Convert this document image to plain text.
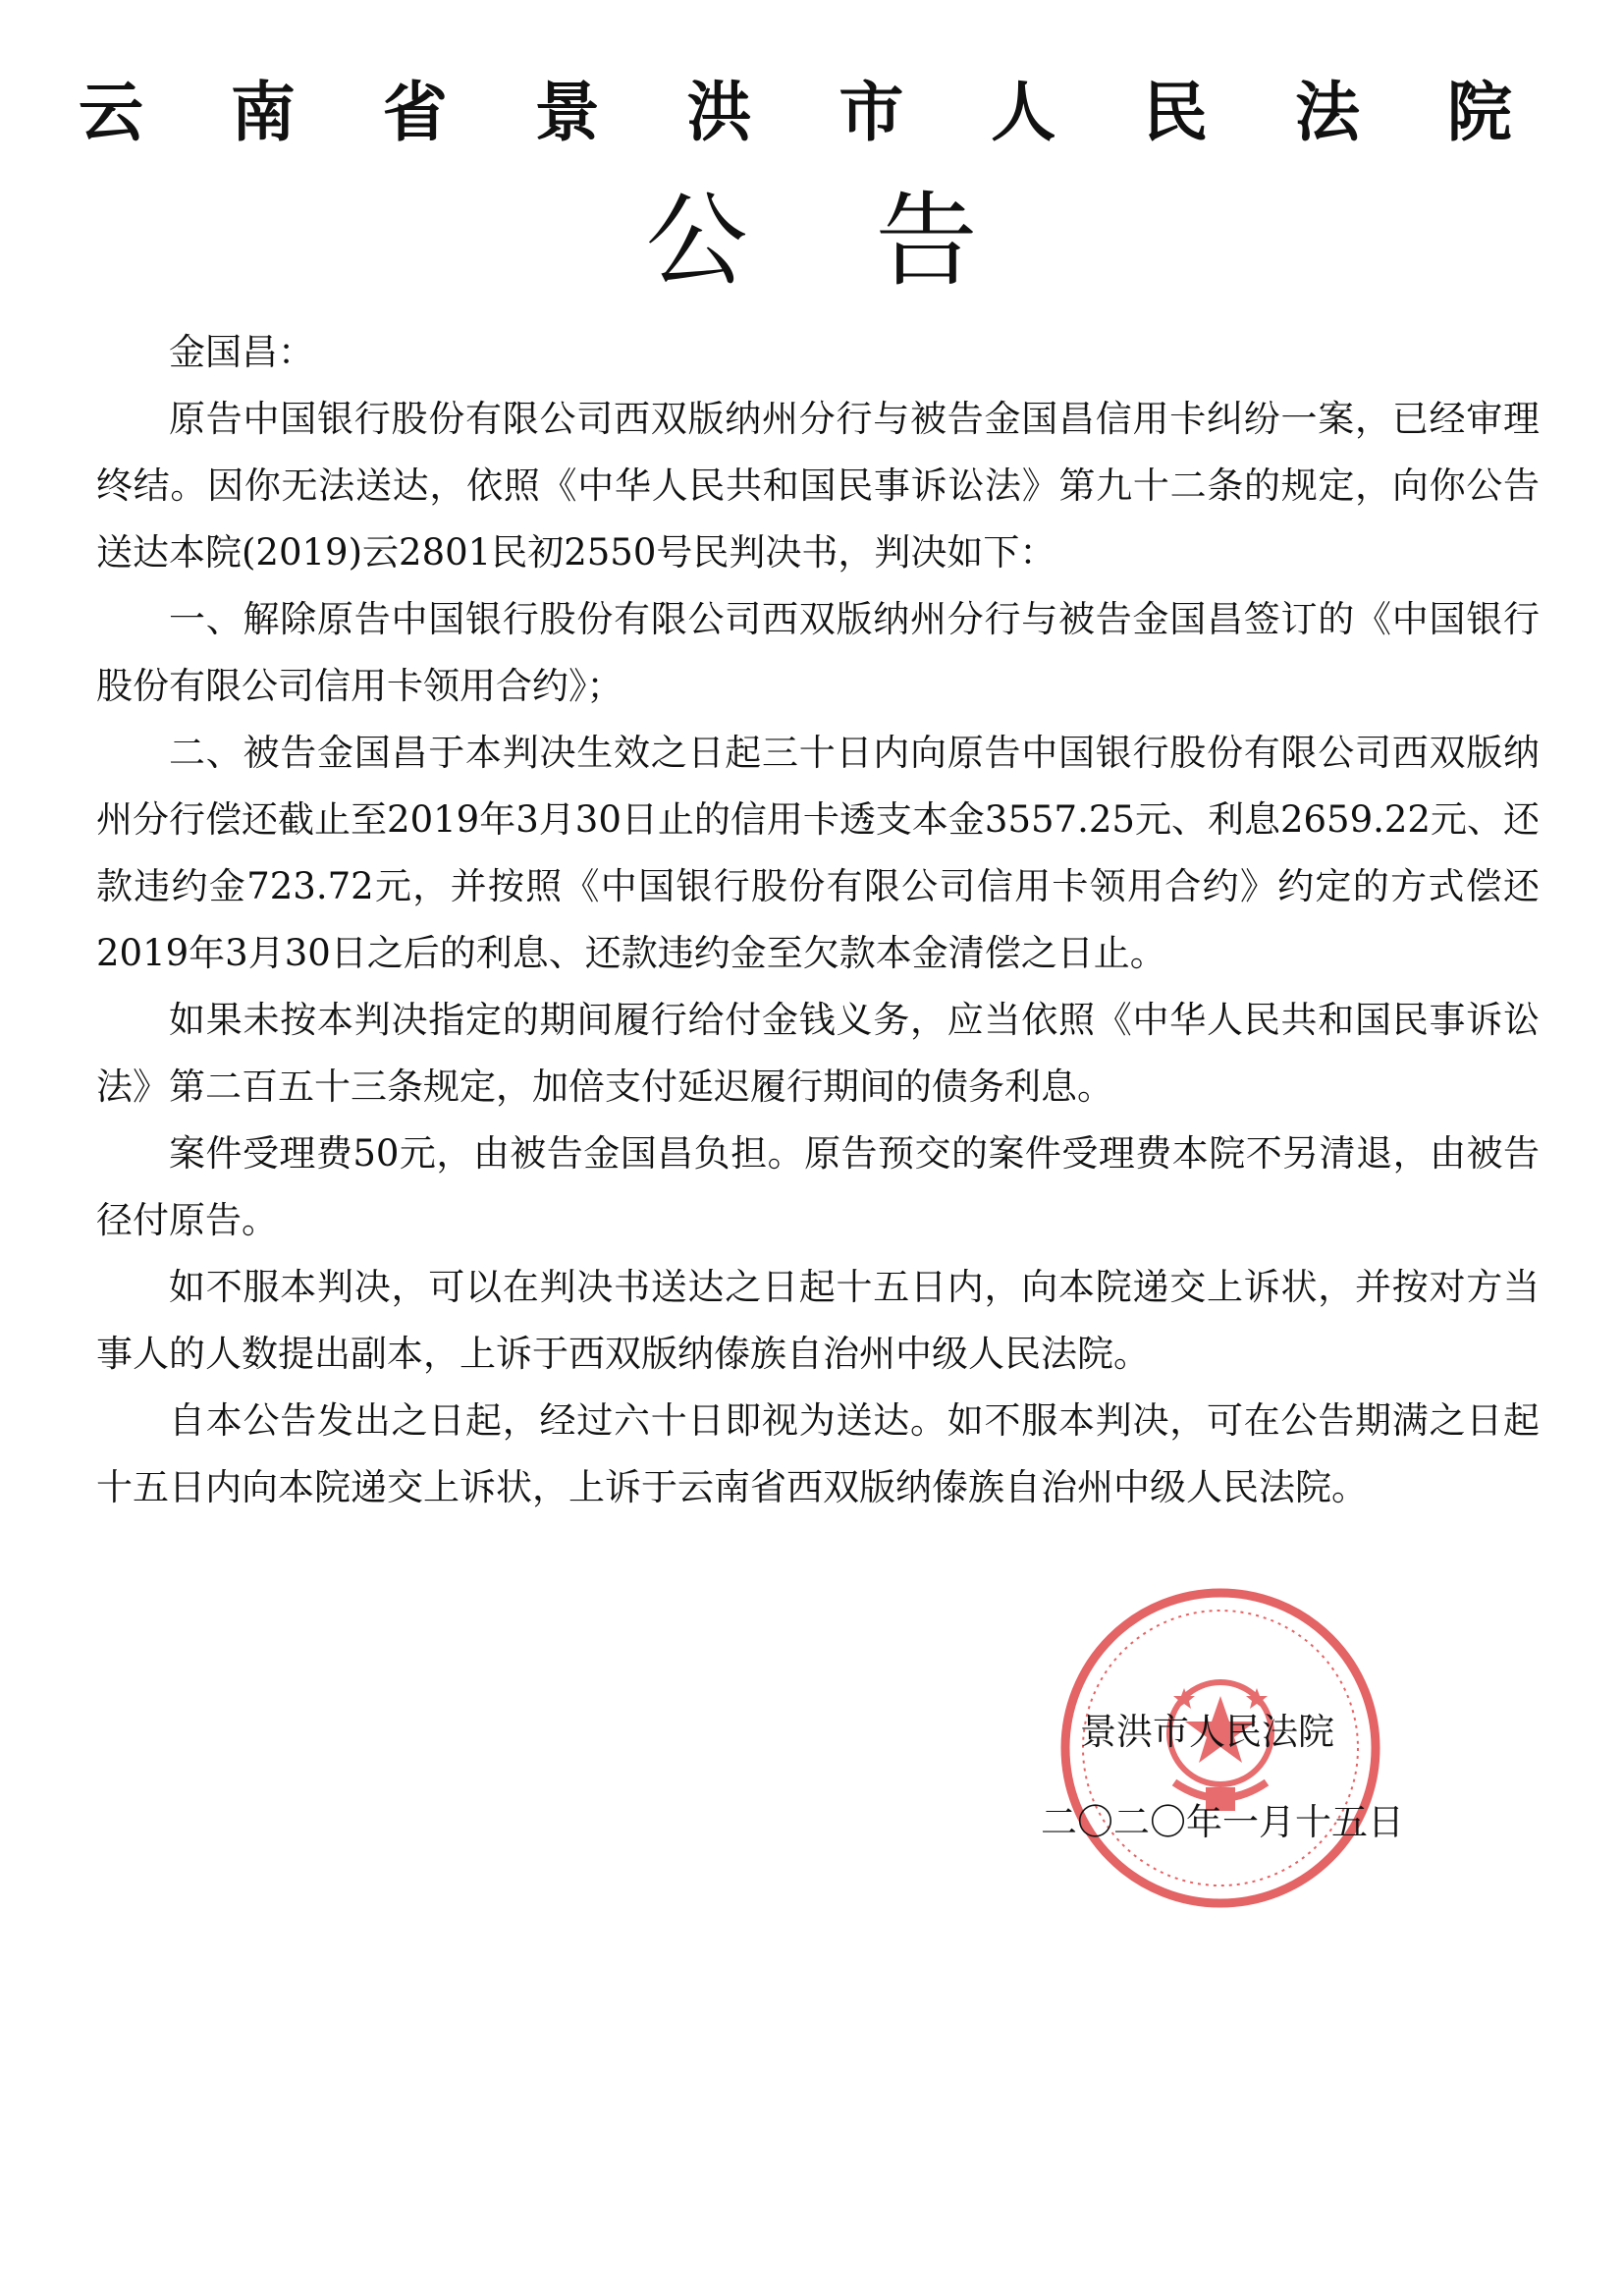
云 南 省 景 洪 市 人 民 法 院
公告

金国昌：

原告中国银行股份有限公司西双版纳州分行与被告金国昌信用卡纠纷一案，已经审理终结。因你无法送达，依照《中华人民共和国民事诉讼法》第九十二条的规定，向你公告送达本院(2019)云2801民初2550号民判决书，判决如下：

一、解除原告中国银行股份有限公司西双版纳州分行与被告金国昌签订的《中国银行股份有限公司信用卡领用合约》；

二、被告金国昌于本判决生效之日起三十日内向原告中国银行股份有限公司西双版纳州分行偿还截止至2019年3月30日止的信用卡透支本金3557.25元、利息2659.22元、还款违约金723.72元，并按照《中国银行股份有限公司信用卡领用合约》约定的方式偿还2019年3月30日之后的利息、还款违约金至欠款本金清偿之日止。

如果未按本判决指定的期间履行给付金钱义务，应当依照《中华人民共和国民事诉讼法》第二百五十三条规定，加倍支付延迟履行期间的债务利息。

案件受理费50元，由被告金国昌负担。原告预交的案件受理费本院不另清退，由被告径付原告。

如不服本判决，可以在判决书送达之日起十五日内，向本院递交上诉状，并按对方当事人的人数提出副本，上诉于西双版纳傣族自治州中级人民法院。

自本公告发出之日起，经过六十日即视为送达。如不服本判决，可在公告期满之日起十五日内向本院递交上诉状，上诉于云南省西双版纳傣族自治州中级人民法院。

景洪市人民法院
二〇二〇年一月十五日
